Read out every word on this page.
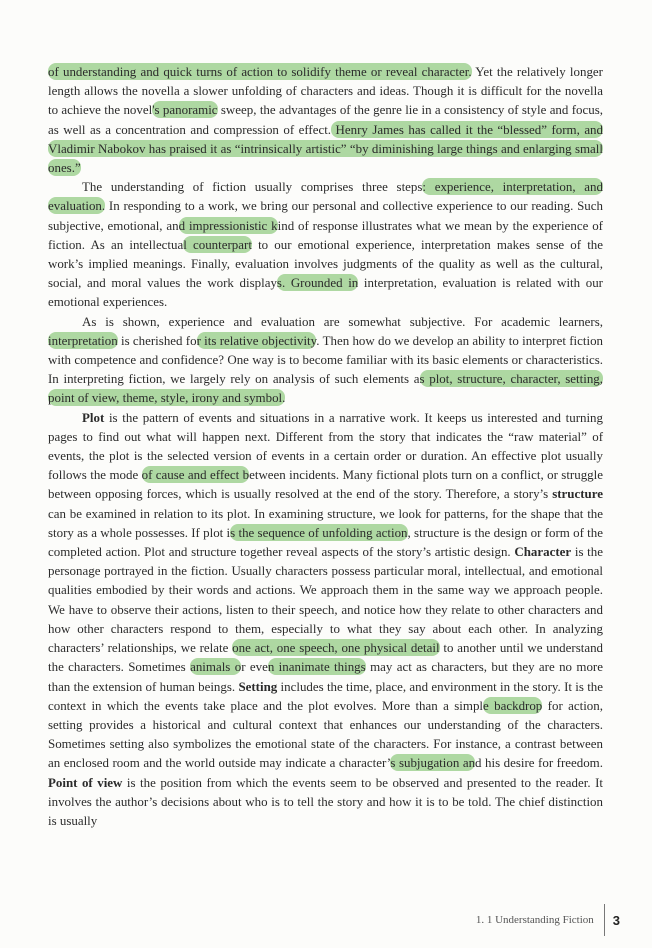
of understanding and quick turns of action to solidify theme or reveal character. Yet the relatively longer length allows the novella a slower unfolding of characters and ideas. Though it is difficult for the novella to achieve the novel's panoramic sweep, the advantages of the genre lie in a consistency of style and focus, as well as a concentration and compression of effect. Henry James has called it the “blessed” form, and Vladimir Nabokov has praised it as “intrinsically artistic” “by diminishing large things and enlarging small ones.”

The understanding of fiction usually comprises three steps: experience, interpretation, and evaluation. In responding to a work, we bring our personal and collective experience to our reading. Such subjective, emotional, and impressionistic kind of response illustrates what we mean by the experience of fiction. As an intellectual counterpart to our emotional experience, interpretation makes sense of the work’s implied meanings. Finally, evaluation involves judgments of the quality as well as the cultural, social, and moral values the work displays. Grounded in interpretation, evaluation is related with our emotional experiences.

As is shown, experience and evaluation are somewhat subjective. For academic learners, interpretation is cherished for its relative objectivity. Then how do we develop an ability to interpret fiction with competence and confidence? One way is to become familiar with its basic elements or characteristics. In interpreting fiction, we largely rely on analysis of such elements as plot, structure, character, setting, point of view, theme, style, irony and symbol.

Plot is the pattern of events and situations in a narrative work. It keeps us interested and turning pages to find out what will happen next. Different from the story that indicates the “raw material” of events, the plot is the selected version of events in a certain order or duration. An effective plot usually follows the mode of cause and effect between incidents. Many fictional plots turn on a conflict, or struggle between opposing forces, which is usually resolved at the end of the story. Therefore, a story’s structure can be examined in relation to its plot. In examining structure, we look for patterns, for the shape that the story as a whole possesses. If plot is the sequence of unfolding action, structure is the design or form of the completed action. Plot and structure together reveal aspects of the story’s artistic design. Character is the personage portrayed in the fiction. Usually characters possess particular moral, intellectual, and emotional qualities embodied by their words and actions. We approach them in the same way we approach people. We have to observe their actions, listen to their speech, and notice how they relate to other characters and how other characters respond to them, especially to what they say about each other. In analyzing characters’ relationships, we relate one act, one speech, one physical detail to another until we understand the characters. Sometimes animals or even inanimate things may act as characters, but they are no more than the extension of human beings. Setting includes the time, place, and environment in the story. It is the context in which the events take place and the plot evolves. More than a simple backdrop for action, setting provides a historical and cultural context that enhances our understanding of the characters. Sometimes setting also symbolizes the emotional state of the characters. For instance, a contrast between an enclosed room and the world outside may indicate a character’s subjugation and his desire for freedom. Point of view is the position from which the events seem to be observed and presented to the reader. It involves the author’s decisions about who is to tell the story and how it is to be told. The chief distinction is usually

1. 1 Understanding Fiction	3
